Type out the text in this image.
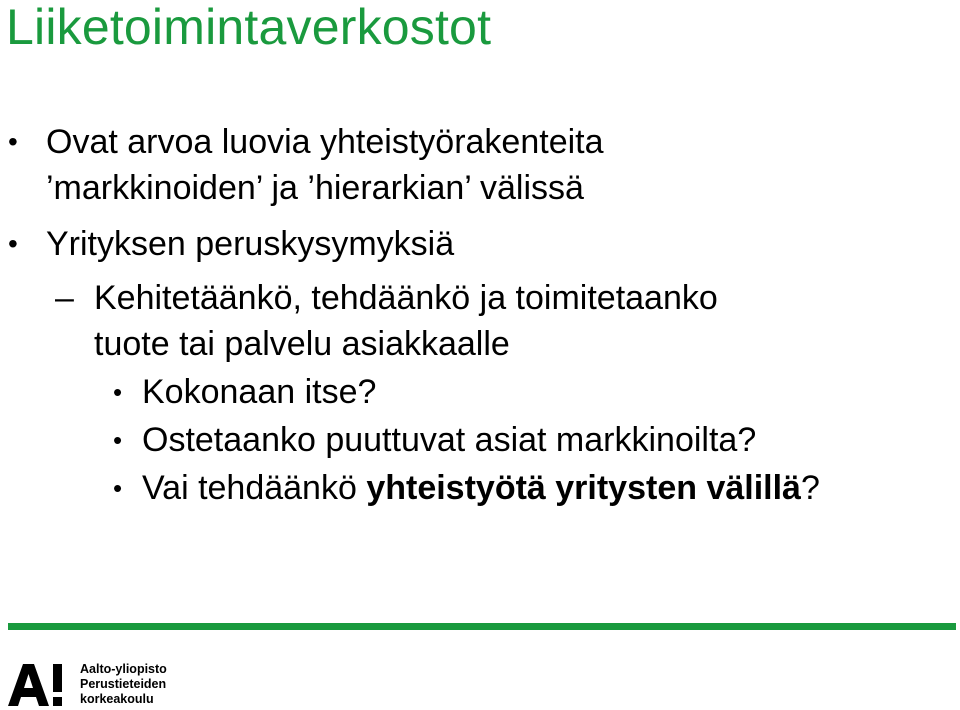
Liiketoimintaverkostot
• Ovat arvoa luovia yhteistyörakenteita
’markkinoiden’ ja ’hierarkian’ välissä
• Yrityksen peruskysymyksiä
– Kehitetäänkö, tehdäänkö ja toimitetaanko
tuote tai palvelu asiakkaalle
• Kokonaan itse?
• Ostetaanko puuttuvat asiat markkinoilta?
• Vai tehdäänkö yhteistyötä yritysten välillä?
Aalto-yliopisto
Perustieteiden
korkeakoulu
